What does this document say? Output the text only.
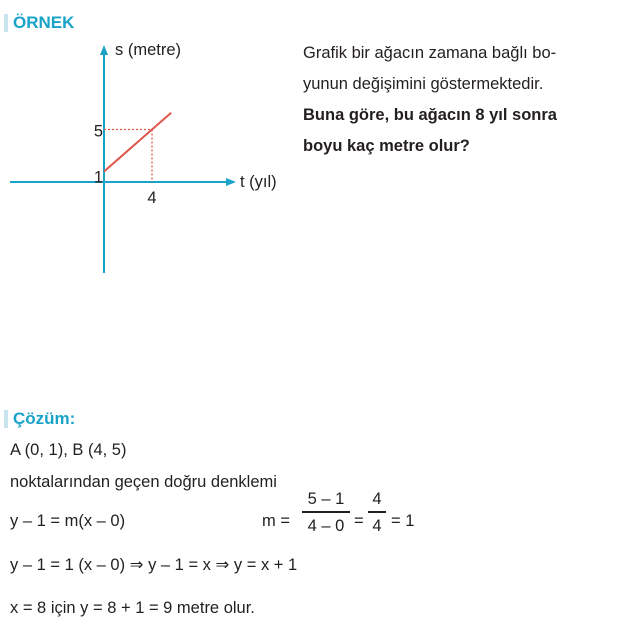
ÖRNEK
s (metre)
t (yıl)
1
5
4
Grafik bir ağacın zamana bağlı bo-
yunun değişimini göstermektedir.
Buna göre, bu ağacın 8 yıl sonra
boyu kaç metre olur?
Çözüm:
A (0, 1), B (4, 5)
noktalarından geçen doğru denklemi
y – 1 = m(x – 0)	m =
5 – 1
4 – 0 =
4
4 = 1
y – 1 = 1 (x – 0) ⇒ y – 1 = x ⇒ y = x + 1
x = 8 için y = 8 + 1 = 9 metre olur.
